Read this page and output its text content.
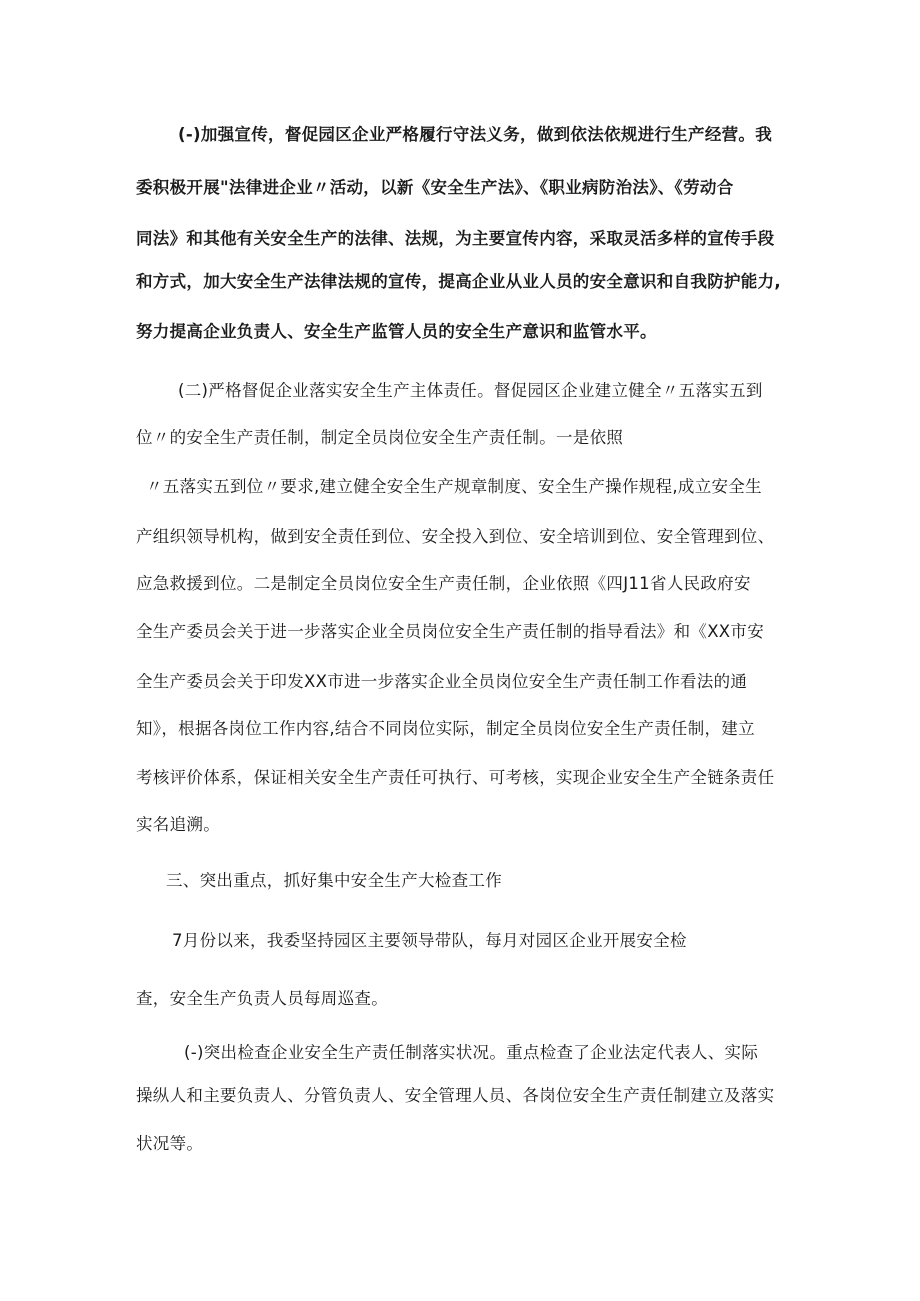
(-)加强宣传，督促园区企业严格履行守法义务，做到依法依规进行生产经营。我
委积极开展"法律进企业〃活动，以新《安全生产法》、《职业病防治法》、《劳动合
同法》和其他有关安全生产的法律、法规，为主要宣传内容，采取灵活多样的宣传手段
和方式，加大安全生产法律法规的宣传，提高企业从业人员的安全意识和自我防护能力,
努力提高企业负责人、安全生产监管人员的安全生产意识和监管水平。
(二)严格督促企业落实安全生产主体责任。督促园区企业建立健全〃五落实五到
位〃的安全生产责任制，制定全员岗位安全生产责任制。一是依照
〃五落实五到位〃要求,建立健全安全生产规章制度、安全生产操作规程,成立安全生
产组织领导机构，做到安全责任到位、安全投入到位、安全培训到位、安全管理到位、
应急救援到位。二是制定全员岗位安全生产责任制，企业依照《四J11省人民政府安
全生产委员会关于进一步落实企业全员岗位安全生产责任制的指导看法》和《XX市安
全生产委员会关于印发XX市进一步落实企业全员岗位安全生产责任制工作看法的通
知》，根据各岗位工作内容,结合不同岗位实际，制定全员岗位安全生产责任制，建立
考核评价体系，保证相关安全生产责任可执行、可考核，实现企业安全生产全链条责任
实名追溯。
三、突出重点，抓好集中安全生产大检查工作
7月份以来，我委坚持园区主要领导带队，每月对园区企业开展安全检
查，安全生产负责人员每周巡查。
(-)突出检查企业安全生产责任制落实状况。重点检查了企业法定代表人、实际
操纵人和主要负责人、分管负责人、安全管理人员、各岗位安全生产责任制建立及落实
状况等。
